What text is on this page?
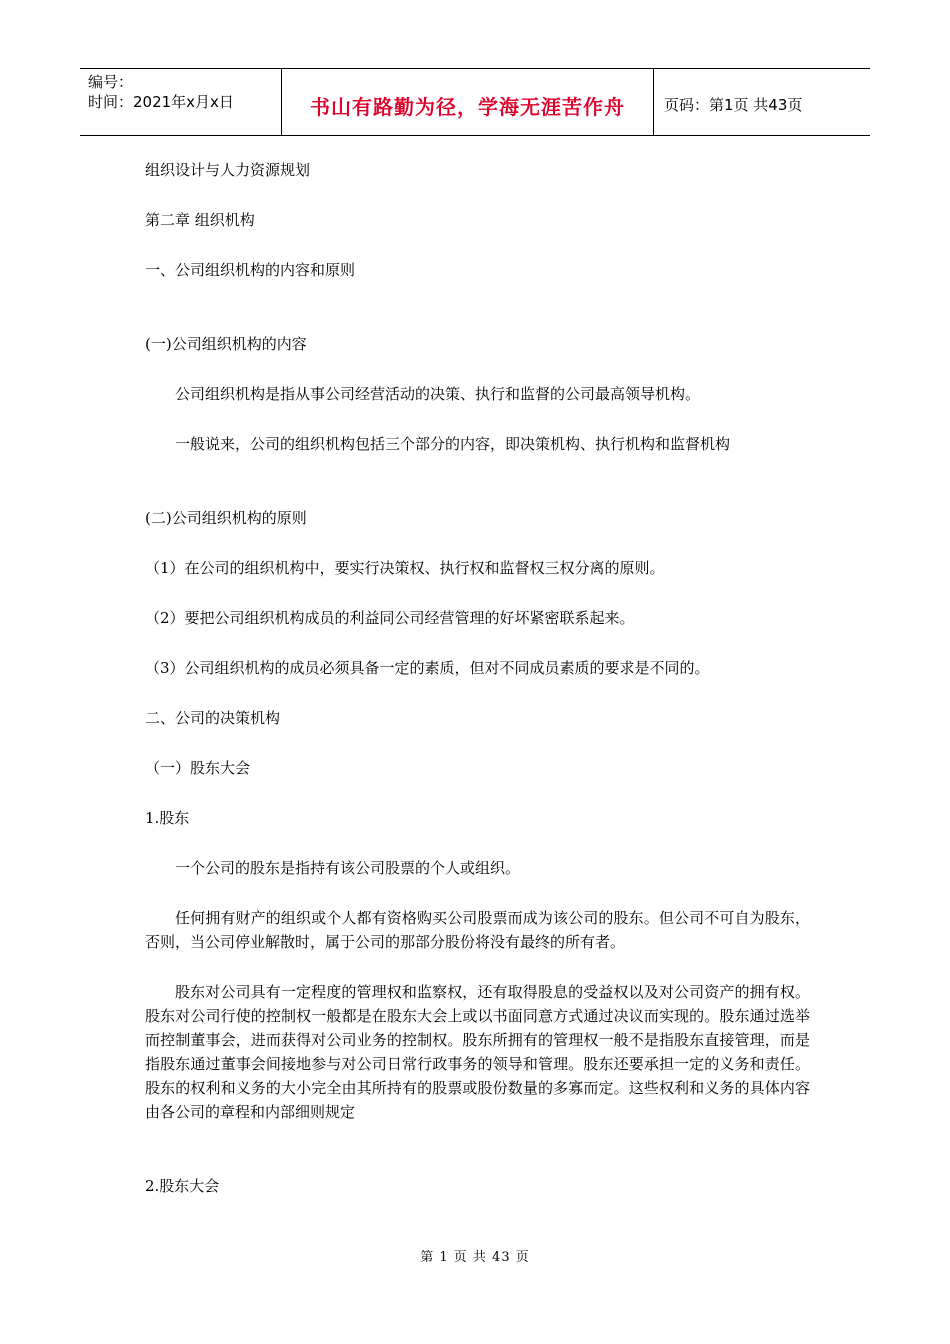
编号：
时间：2021年x月x日	书山有路勤为径，学海无涯苦作舟	页码：第1页 共43页

组织设计与人力资源规划

第二章 组织机构

一、公司组织机构的内容和原则

(一)公司组织机构的内容

公司组织机构是指从事公司经营活动的决策、执行和监督的公司最高领导机构。

一般说来，公司的组织机构包括三个部分的内容，即决策机构、执行机构和监督机构

(二)公司组织机构的原则

（1）在公司的组织机构中，要实行决策权、执行权和监督权三权分离的原则。

（2）要把公司组织机构成员的利益同公司经营管理的好坏紧密联系起来。

（3）公司组织机构的成员必须具备一定的素质，但对不同成员素质的要求是不同的。

二、公司的决策机构

（一）股东大会

1.股东

一个公司的股东是指持有该公司股票的个人或组织。

任何拥有财产的组织或个人都有资格购买公司股票而成为该公司的股东。但公司不可自为股东，否则，当公司停业解散时，属于公司的那部分股份将没有最终的所有者。

股东对公司具有一定程度的管理权和监察权，还有取得股息的受益权以及对公司资产的拥有权。股东对公司行使的控制权一般都是在股东大会上或以书面同意方式通过决议而实现的。股东通过选举而控制董事会，进而获得对公司业务的控制权。股东所拥有的管理权一般不是指股东直接管理，而是指股东通过董事会间接地参与对公司日常行政事务的领导和管理。股东还要承担一定的义务和责任。股东的权利和义务的大小完全由其所持有的股票或股份数量的多寡而定。这些权利和义务的具体内容由各公司的章程和内部细则规定

2.股东大会

第 1 页 共 43 页
